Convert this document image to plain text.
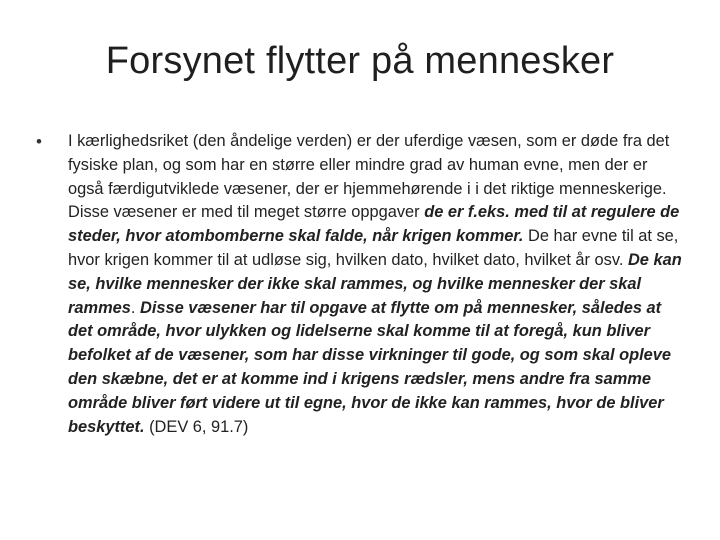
Forsynet flytter på mennesker
•	I kærlighedsriket (den åndelige verden) er der uferdige væsen, som er døde fra det fysiske plan, og som har en større eller mindre grad av human evne, men der er også færdigutviklede væsener, der er hjemmehørende i i det riktige menneskerige. Disse væsener er med til meget større oppgaver de er f.eks. med til at regulere de steder, hvor atombomberne skal falde, når krigen kommer. De har evne til at se, hvor krigen kommer til at udløse sig, hvilken dato, hvilket dato, hvilket år osv. De kan se, hvilke mennesker der ikke skal rammes, og hvilke mennesker der skal rammes. Disse væsener har til opgave at flytte om på mennesker, således at det område, hvor ulykken og lidelserne skal komme til at foregå, kun bliver befolket af de væsener, som har disse virkninger til gode, og som skal opleve den skæbne, det er at komme ind i krigens rædsler, mens andre fra samme område bliver ført videre ut til egne, hvor de ikke kan rammes, hvor de bliver beskyttet. (DEV 6, 91.7)
